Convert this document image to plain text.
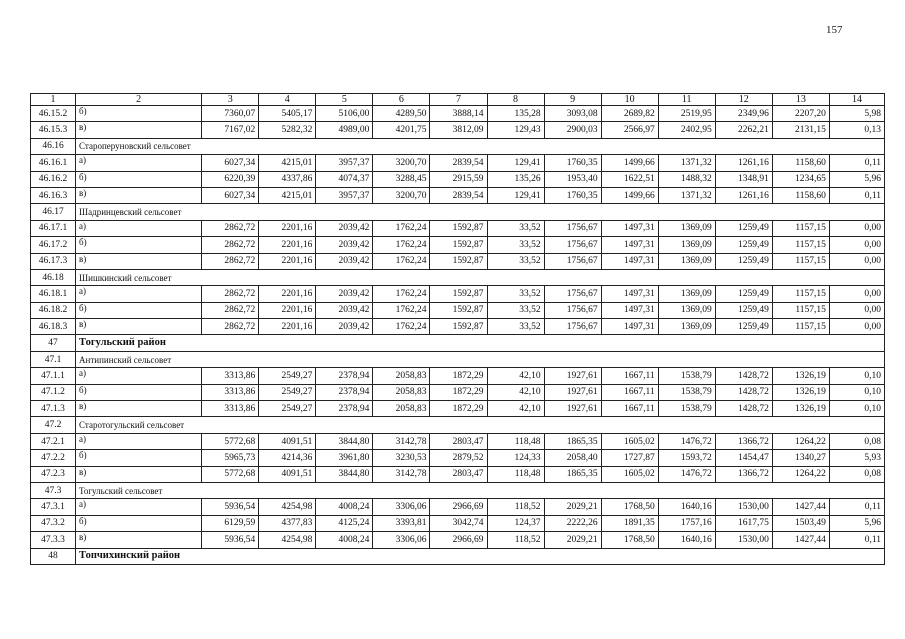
157
1	2	3	4	5	6	7	8	9	10	11	12	13	14
46.15.2	б)	7360,07	5405,17	5106,00	4289,50	3888,14	135,28	3093,08	2689,82	2519,95	2349,96	2207,20	5,98
46.15.3	в)	7167,02	5282,32	4989,00	4201,75	3812,09	129,43	2900,03	2566,97	2402,95	2262,21	2131,15	0,13
46.16	Староперуновский сельсовет												
46.16.1	а)	6027,34	4215,01	3957,37	3200,70	2839,54	129,41	1760,35	1499,66	1371,32	1261,16	1158,60	0,11
46.16.2	б)	6220,39	4337,86	4074,37	3288,45	2915,59	135,26	1953,40	1622,51	1488,32	1348,91	1234,65	5,96
46.16.3	в)	6027,34	4215,01	3957,37	3200,70	2839,54	129,41	1760,35	1499,66	1371,32	1261,16	1158,60	0,11
46.17	Шадринцевский сельсовет												
46.17.1	а)	2862,72	2201,16	2039,42	1762,24	1592,87	33,52	1756,67	1497,31	1369,09	1259,49	1157,15	0,00
46.17.2	б)	2862,72	2201,16	2039,42	1762,24	1592,87	33,52	1756,67	1497,31	1369,09	1259,49	1157,15	0,00
46.17.3	в)	2862,72	2201,16	2039,42	1762,24	1592,87	33,52	1756,67	1497,31	1369,09	1259,49	1157,15	0,00
46.18	Шишкинский сельсовет												
46.18.1	а)	2862,72	2201,16	2039,42	1762,24	1592,87	33,52	1756,67	1497,31	1369,09	1259,49	1157,15	0,00
46.18.2	б)	2862,72	2201,16	2039,42	1762,24	1592,87	33,52	1756,67	1497,31	1369,09	1259,49	1157,15	0,00
46.18.3	в)	2862,72	2201,16	2039,42	1762,24	1592,87	33,52	1756,67	1497,31	1369,09	1259,49	1157,15	0,00
47	Тогульский район												
47.1	Антипинский сельсовет												
47.1.1	а)	3313,86	2549,27	2378,94	2058,83	1872,29	42,10	1927,61	1667,11	1538,79	1428,72	1326,19	0,10
47.1.2	б)	3313,86	2549,27	2378,94	2058,83	1872,29	42,10	1927,61	1667,11	1538,79	1428,72	1326,19	0,10
47.1.3	в)	3313,86	2549,27	2378,94	2058,83	1872,29	42,10	1927,61	1667,11	1538,79	1428,72	1326,19	0,10
47.2	Старотогульский сельсовет												
47.2.1	а)	5772,68	4091,51	3844,80	3142,78	2803,47	118,48	1865,35	1605,02	1476,72	1366,72	1264,22	0,08
47.2.2	б)	5965,73	4214,36	3961,80	3230,53	2879,52	124,33	2058,40	1727,87	1593,72	1454,47	1340,27	5,93
47.2.3	в)	5772,68	4091,51	3844,80	3142,78	2803,47	118,48	1865,35	1605,02	1476,72	1366,72	1264,22	0,08
47.3	Тогульский сельсовет												
47.3.1	а)	5936,54	4254,98	4008,24	3306,06	2966,69	118,52	2029,21	1768,50	1640,16	1530,00	1427,44	0,11
47.3.2	б)	6129,59	4377,83	4125,24	3393,81	3042,74	124,37	2222,26	1891,35	1757,16	1617,75	1503,49	5,96
47.3.3	в)	5936,54	4254,98	4008,24	3306,06	2966,69	118,52	2029,21	1768,50	1640,16	1530,00	1427,44	0,11
48	Топчихинский район												
